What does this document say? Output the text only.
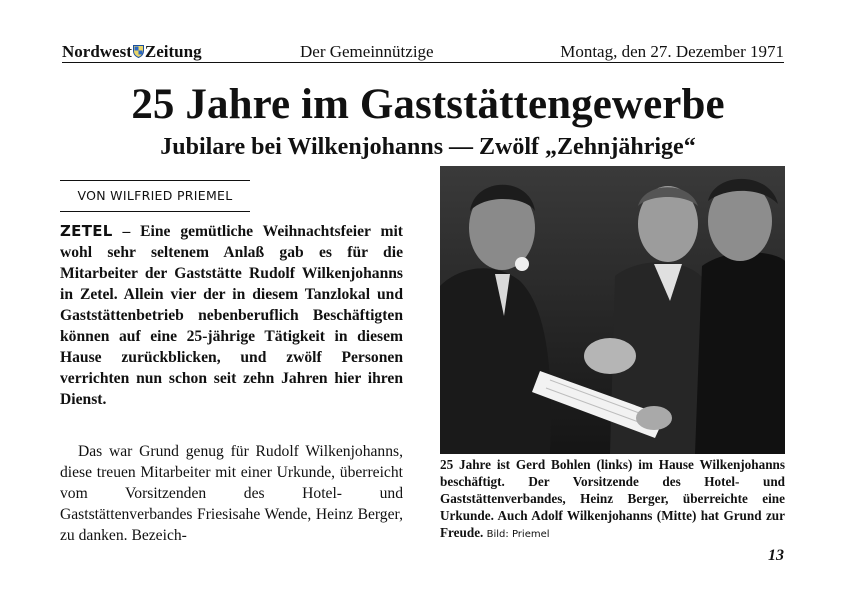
Nordwest Zeitung	Der Gemeinnützige	Montag, den 27. Dezember 1971
25 Jahre im Gaststättengewerbe
Jubilare bei Wilkenjohanns — Zwölf „Zehnjährige“
VON WILFRIED PRIEMEL

ZETEL – Eine gemütliche Weihnachtsfeier mit wohl sehr seltenem Anlaß gab es für die Mitarbeiter der Gaststätte Rudolf Wilkenjohanns in Zetel. Allein vier der in diesem Tanzlokal und Gaststättenbetrieb nebenberuflich Beschäftigten können auf eine 25-jährige Tätigkeit in diesem Hause zurückblicken, und zwölf Personen verrichten nun schon seit zehn Jahren hier ihren Dienst.

Das war Grund genug für Rudolf Wilkenjohanns, diese treuen Mitarbeiter mit einer Urkunde, überreicht vom Vorsitzenden des Hotel- und Gaststättenverbandes Friesisahe Wende, Heinz Berger, zu danken. Bezeich-

25 Jahre ist Gerd Bohlen (links) im Hause Wilkenjohanns beschäftigt. Der Vorsitzende des Hotel- und Gaststättenverbandes, Heinz Berger, überreichte eine Urkunde. Auch Adolf Wilkenjohanns (Mitte) hat Grund zur Freude. Bild: Priemel

13
